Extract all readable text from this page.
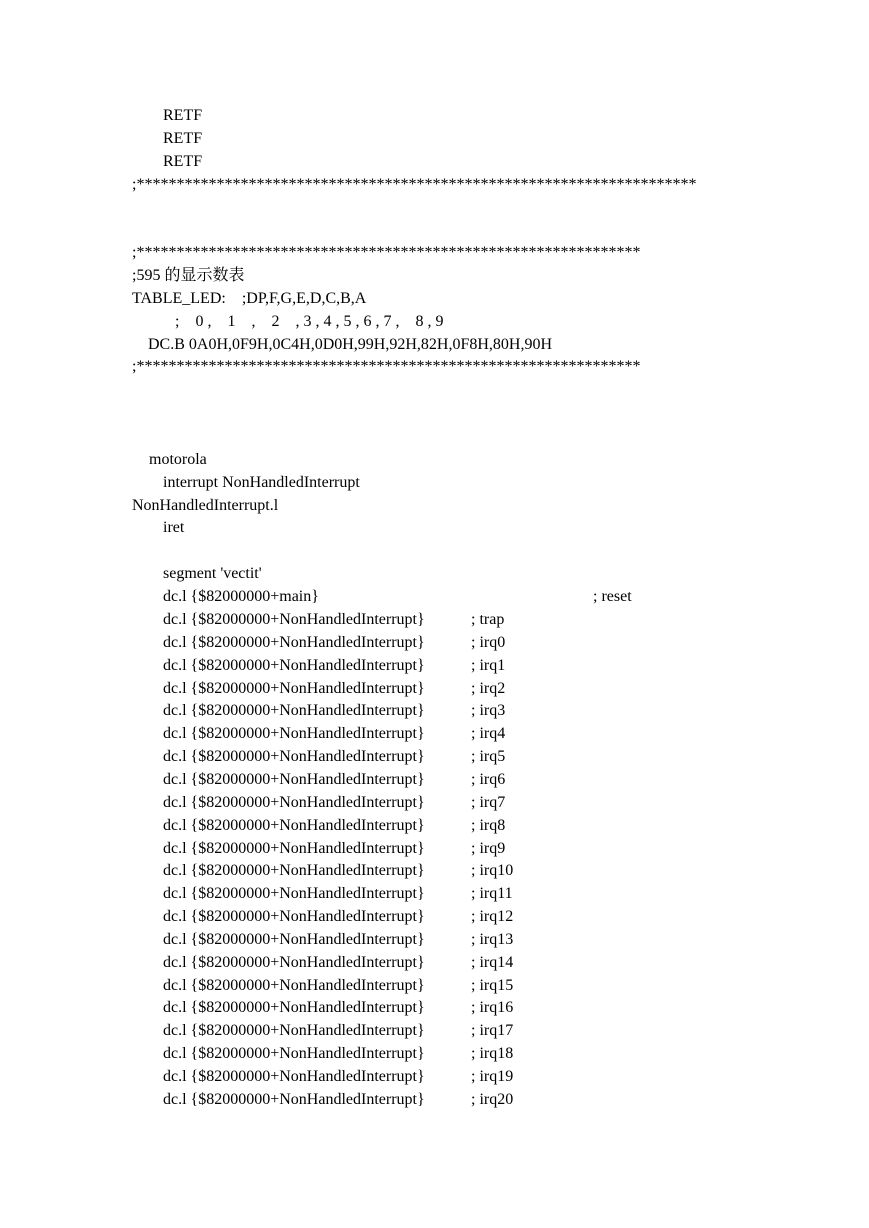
RETF
RETF
RETF
;**********************************************************************
;***************************************************************
;595 的显示数表
TABLE_LED:    ;DP,F,G,E,D,C,B,A
;    0 ,    1    ,    2    , 3 , 4 , 5 , 6 , 7 ,    8 , 9
DC.B 0A0H,0F9H,0C4H,0D0H,99H,92H,82H,0F8H,80H,90H
;***************************************************************
motorola
interrupt NonHandledInterrupt
NonHandledInterrupt.l
iret
segment 'vectit'
dc.l {$82000000+main}	; reset
dc.l {$82000000+NonHandledInterrupt}	; trap
dc.l {$82000000+NonHandledInterrupt}	; irq0
dc.l {$82000000+NonHandledInterrupt}	; irq1
dc.l {$82000000+NonHandledInterrupt}	; irq2
dc.l {$82000000+NonHandledInterrupt}	; irq3
dc.l {$82000000+NonHandledInterrupt}	; irq4
dc.l {$82000000+NonHandledInterrupt}	; irq5
dc.l {$82000000+NonHandledInterrupt}	; irq6
dc.l {$82000000+NonHandledInterrupt}	; irq7
dc.l {$82000000+NonHandledInterrupt}	; irq8
dc.l {$82000000+NonHandledInterrupt}	; irq9
dc.l {$82000000+NonHandledInterrupt}	; irq10
dc.l {$82000000+NonHandledInterrupt}	; irq11
dc.l {$82000000+NonHandledInterrupt}	; irq12
dc.l {$82000000+NonHandledInterrupt}	; irq13
dc.l {$82000000+NonHandledInterrupt}	; irq14
dc.l {$82000000+NonHandledInterrupt}	; irq15
dc.l {$82000000+NonHandledInterrupt}	; irq16
dc.l {$82000000+NonHandledInterrupt}	; irq17
dc.l {$82000000+NonHandledInterrupt}	; irq18
dc.l {$82000000+NonHandledInterrupt}	; irq19
dc.l {$82000000+NonHandledInterrupt}	; irq20
